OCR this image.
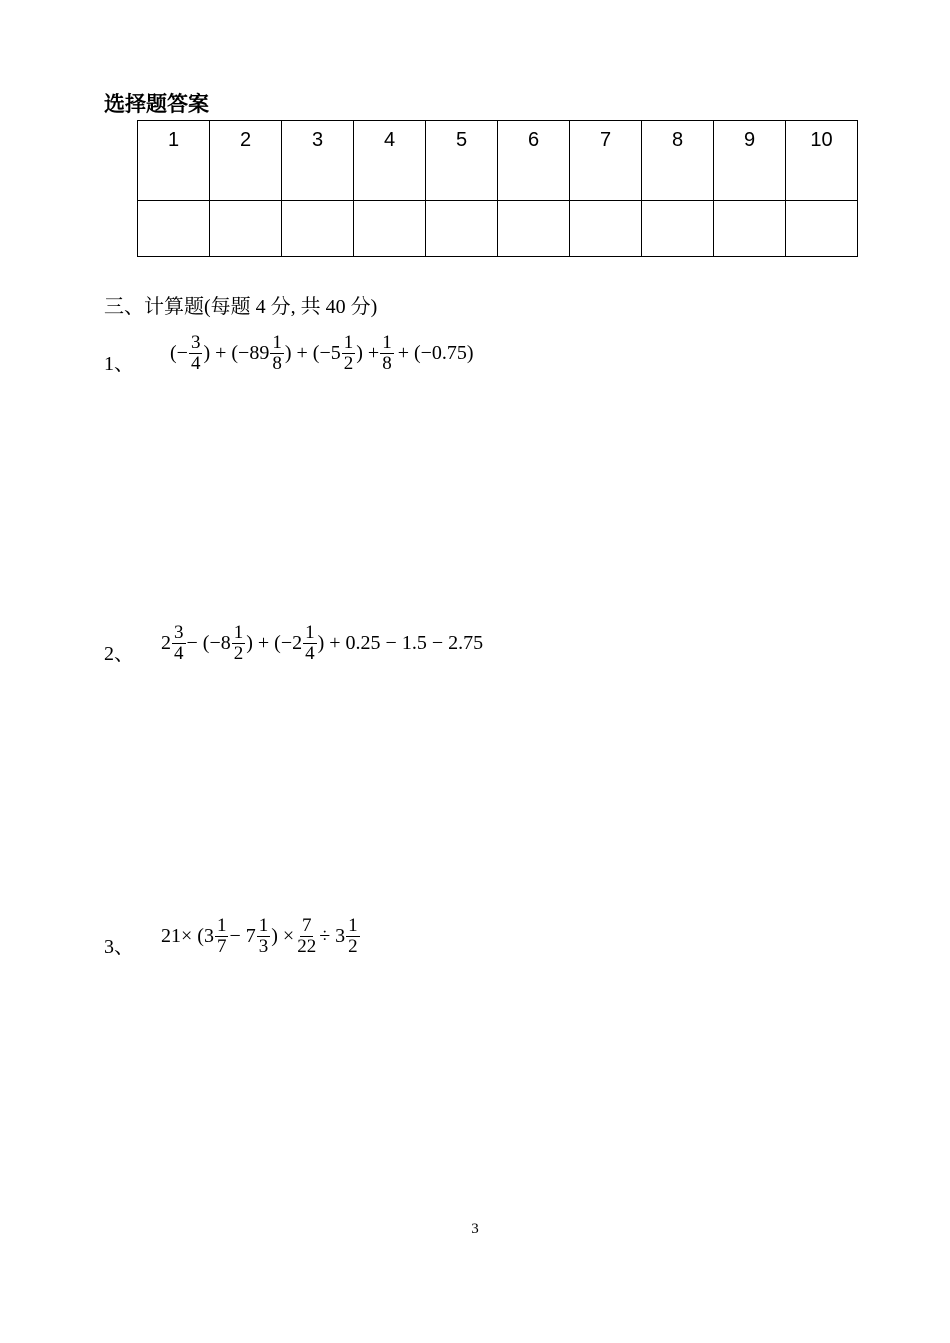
选择题答案
1	2	3	4	5	6	7	8	9	10

三、计算题(每题 4 分, 共 40 分)
1、
(− $\frac{3}{4}$ ) + ($-89 \frac{1}{8}$ ) + ($-5 \frac{1}{2}$ ) + $\frac{1}{8} + (-0.75)$
2、
$2 \frac{3}{4} - (-8 \frac{1}{2}$ ) + ($-2 \frac{1}{4}$ ) + 0.25 − 1.5 − 2.75
3、
$21\times (3 \frac{1}{7} - 7 \frac{1}{3}$ ) × $\frac{7}{22} \div 3 \frac{1}{2}$
3
